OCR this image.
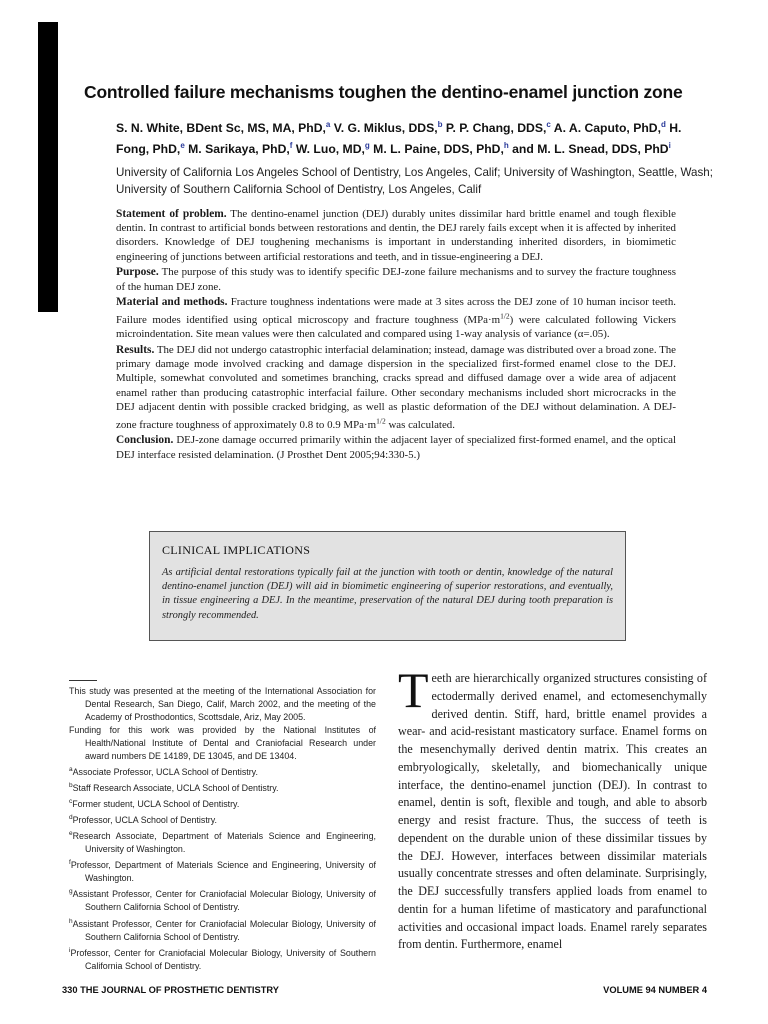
Controlled failure mechanisms toughen the dentino-enamel junction zone
S. N. White, BDent Sc, MS, MA, PhD,$^a$ V. G. Miklus, DDS,$^b$ P. P. Chang, DDS,$^c$ A. A. Caputo, PhD,$^d$ H. Fong, PhD,$^e$ M. Sarikaya, PhD,$^f$ W. Luo, MD,$^g$ M. L. Paine, DDS, PhD,$^h$ and M. L. Snead, DDS, PhD$^i$
University of California Los Angeles School of Dentistry, Los Angeles, Calif; University of Washington, Seattle, Wash; University of Southern California School of Dentistry, Los Angeles, Calif

Statement of problem. The dentino-enamel junction (DEJ) durably unites dissimilar hard brittle enamel and tough flexible dentin. In contrast to artificial bonds between restorations and dentin, the DEJ rarely fails except when it is affected by inherited disorders. Knowledge of DEJ toughening mechanisms is important in understanding inherited disorders, in biomimetic engineering of junctions between artificial restorations and teeth, and in tissue-engineering a DEJ.

Purpose. The purpose of this study was to identify specific DEJ-zone failure mechanisms and to survey the fracture toughness of the human DEJ zone.

Material and methods. Fracture toughness indentations were made at 3 sites across the DEJ zone of 10 human incisor teeth. Failure modes identified using optical microscopy and fracture toughness $(MPa\cdot m^{1/2})$ were calculated following Vickers microindentation. Site mean values were then calculated and compared using 1-way analysis of variance (α=.05).

Results. The DEJ did not undergo catastrophic interfacial delamination; instead, damage was distributed over a broad zone. The primary damage mode involved cracking and damage dispersion in the specialized first-formed enamel close to the DEJ. Multiple, somewhat convoluted and sometimes branching, cracks spread and diffused damage over a wide area of adjacent enamel rather than producing catastrophic interfacial failure. Other secondary mechanisms included short microcracks in the DEJ adjacent dentin with possible cracked bridging, as well as plastic deformation of the DEJ without delamination. A DEJ-zone fracture toughness of approximately 0.8 to 0.9 $MPa\cdot m^{1/2}$ was calculated.

Conclusion. DEJ-zone damage occurred primarily within the adjacent layer of specialized first-formed enamel, and the optical DEJ interface resisted delamination. (J Prosthet Dent 2005;94:330-5.)

CLINICAL IMPLICATIONS
As artificial dental restorations typically fail at the junction with tooth or dentin, knowledge of the natural dentino-enamel junction (DEJ) will aid in biomimetic engineering of superior restorations, and eventually, in tissue engineering a DEJ. In the meantime, preservation of the natural DEJ during tooth preparation is strongly recommended.

This study was presented at the meeting of the International Association for Dental Research, San Diego, Calif, March 2002, and the meeting of the Academy of Prosthodontics, Scottsdale, Ariz, May 2005.

Funding for this work was provided by the National Institutes of Health/National Institute of Dental and Craniofacial Research under award numbers DE 14189, DE 13045, and DE 13404.

$^a$Associate Professor, UCLA School of Dentistry.

$^b$Staff Research Associate, UCLA School of Dentistry.

$^c$Former student, UCLA School of Dentistry.

$^d$Professor, UCLA School of Dentistry.

$^e$Research Associate, Department of Materials Science and Engineering, University of Washington.

$^f$Professor, Department of Materials Science and Engineering, University of Washington.

$^g$Assistant Professor, Center for Craniofacial Molecular Biology, University of Southern California School of Dentistry.

$^h$Assistant Professor, Center for Craniofacial Molecular Biology, University of Southern California School of Dentistry.

$^i$Professor, Center for Craniofacial Molecular Biology, University of Southern California School of Dentistry.

Teeth are hierarchically organized structures consisting of ectodermally derived enamel, and ectomesenchymally derived dentin. Stiff, hard, brittle enamel provides a wear- and acid-resistant masticatory surface. Enamel forms on the mesenchymally derived dentin matrix. This creates an embryologically, skeletally, and biomechanically unique interface, the dentino-enamel junction (DEJ). In contrast to enamel, dentin is soft, flexible and tough, and able to absorb energy and resist fracture. Thus, the success of teeth is dependent on the durable union of these dissimilar tissues by the DEJ. However, interfaces between dissimilar materials usually concentrate stresses and often delaminate. Surprisingly, the DEJ successfully transfers applied loads from enamel to dentin for a human lifetime of masticatory and parafunctional activities and occasional impact loads. Enamel rarely separates from dentin. Furthermore, enamel
330 THE JOURNAL OF PROSTHETIC DENTISTRY	VOLUME 94 NUMBER 4
